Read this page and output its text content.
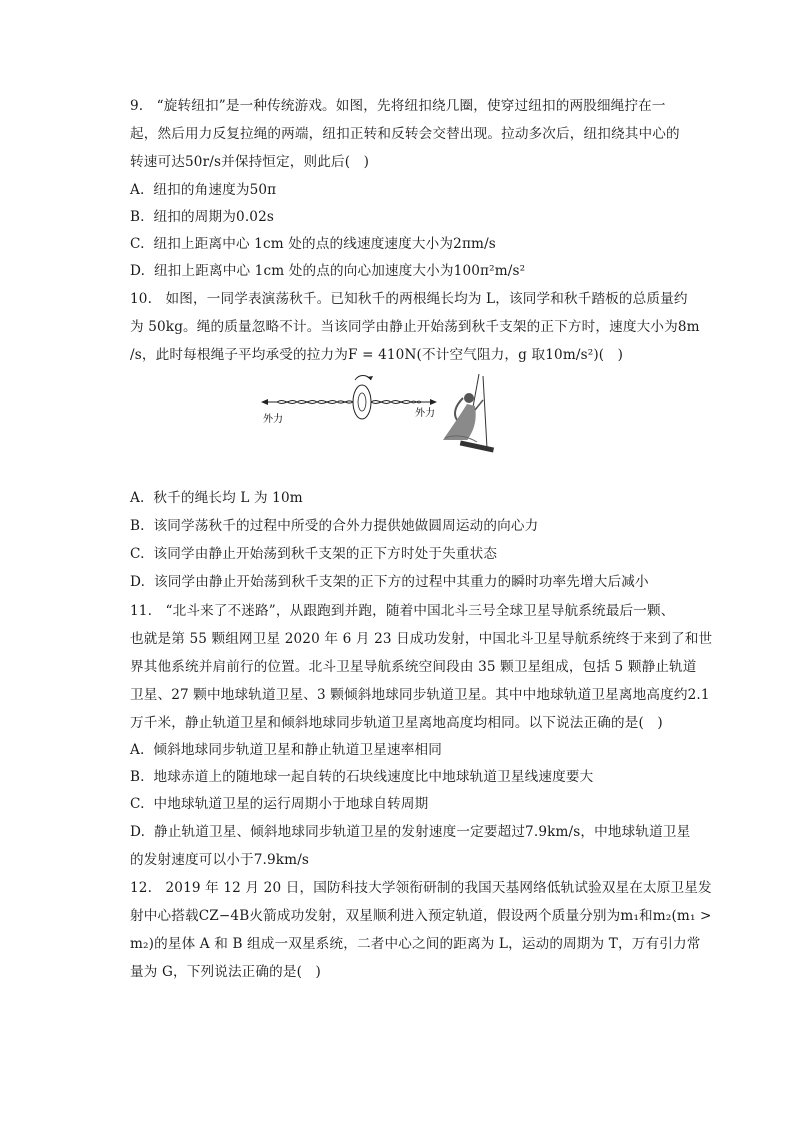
9.   “旋转纽扣”是一种传统游戏。如图，先将纽扣绕几圈，使穿过纽扣的两股细绳拧在一
起，然后用力反复拉绳的两端，纽扣正转和反转会交替出现。拉动多次后，纽扣绕其中心的
转速可达50r/s并保持恒定，则此后(   )
A.  纽扣的角速度为50π
B.  纽扣的周期为0.02s
C.  纽扣上距离中心 1cm 处的点的线速度速度大小为2πm/s
D.  纽扣上距离中心 1cm 处的点的向心加速度大小为100π²m/s²
10.   如图，一同学表演荡秋千。已知秋千的两根绳长均为 L，该同学和秋千踏板的总质量约
为 50kg。绳的质量忽略不计。当该同学由静止开始荡到秋千支架的正下方时，速度大小为8m
/s，此时每根绳子平均承受的拉力为F = 410N(不计空气阻力，g 取10m/s²)(   )
外力
外力
A.  秋千的绳长均 L 为 10m
B.  该同学荡秋千的过程中所受的合外力提供她做圆周运动的向心力
C.  该同学由静止开始荡到秋千支架的正下方时处于失重状态
D.  该同学由静止开始荡到秋千支架的正下方的过程中其重力的瞬时功率先增大后减小
11.   “北斗来了不迷路”，从跟跑到并跑，随着中国北斗三号全球卫星导航系统最后一颗、
也就是第 55 颗组网卫星 2020 年 6 月 23 日成功发射，中国北斗卫星导航系统终于来到了和世
界其他系统并肩前行的位置。北斗卫星导航系统空间段由 35 颗卫星组成，包括 5 颗静止轨道
卫星、27 颗中地球轨道卫星、3 颗倾斜地球同步轨道卫星。其中中地球轨道卫星离地高度约2.1
万千米，静止轨道卫星和倾斜地球同步轨道卫星离地高度均相同。以下说法正确的是(   )
A.  倾斜地球同步轨道卫星和静止轨道卫星速率相同
B.  地球赤道上的随地球一起自转的石块线速度比中地球轨道卫星线速度要大
C.  中地球轨道卫星的运行周期小于地球自转周期
D.  静止轨道卫星、倾斜地球同步轨道卫星的发射速度一定要超过7.9km/s，中地球轨道卫星
的发射速度可以小于7.9km/s
12.   2019 年 12 月 20 日，国防科技大学领衔研制的我国天基网络低轨试验双星在太原卫星发
射中心搭载CZ−4B火箭成功发射，双星顺利进入预定轨道，假设两个质量分别为m₁和m₂(m₁ >
m₂)的星体 A 和 B 组成一双星系统，二者中心之间的距离为 L，运动的周期为 T，万有引力常
量为 G，下列说法正确的是(   )
